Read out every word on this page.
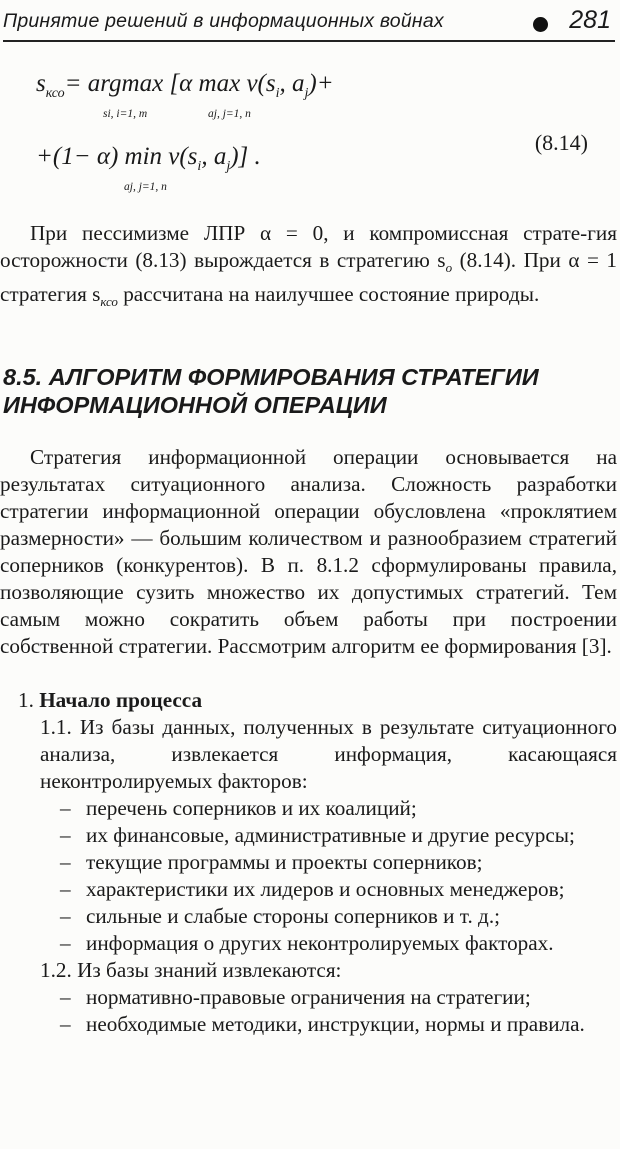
Принятие решений в информационных войнах	281
$s_{ксо}= argmax$ [α $\max v(s_i$, $a_j)+$
si, i=1, m	aj, j=1, n
+(1− α) $\min v(s_i$, $a_j$)] .
aj, j=1, n
(8.14)

При пессимизме ЛПР α = 0, и компромиссная страте-гия осторожности (8.13) вырождается в стратегию $s_о$ (8.14). При α = 1 стратегия $s_{ксо}$ рассчитана на наилучшее состояние природы.

8.5. АЛГОРИТМ ФОРМИРОВАНИЯ СТРАТЕГИИ ИНФОРМАЦИОННОЙ ОПЕРАЦИИ

Стратегия информационной операции основывается на результатах ситуационного анализа. Сложность разработки стратегии информационной операции обусловлена «проклятием размерности» — большим количеством и разнообразием стратегий соперников (конкурентов). В п. 8.1.2 сформулированы правила, позволяющие сузить множество их допустимых стратегий. Тем самым можно сократить объем работы при построении собственной стратегии. Рассмотрим алгоритм ее формирования [3].

1. Начало процесса

1.1. Из базы данных, полученных в результате ситуационного анализа, извлекается информация, касающаяся неконтролируемых факторов:

– перечень соперников и их коалиций;

– их финансовые, административные и другие ресурсы;

– текущие программы и проекты соперников;

– характеристики их лидеров и основных менеджеров;

– сильные и слабые стороны соперников и т. д.;

– информация о других неконтролируемых факторах.

1.2. Из базы знаний извлекаются:

– нормативно-правовые ограничения на стратегии;

– необходимые методики, инструкции, нормы и правила.
